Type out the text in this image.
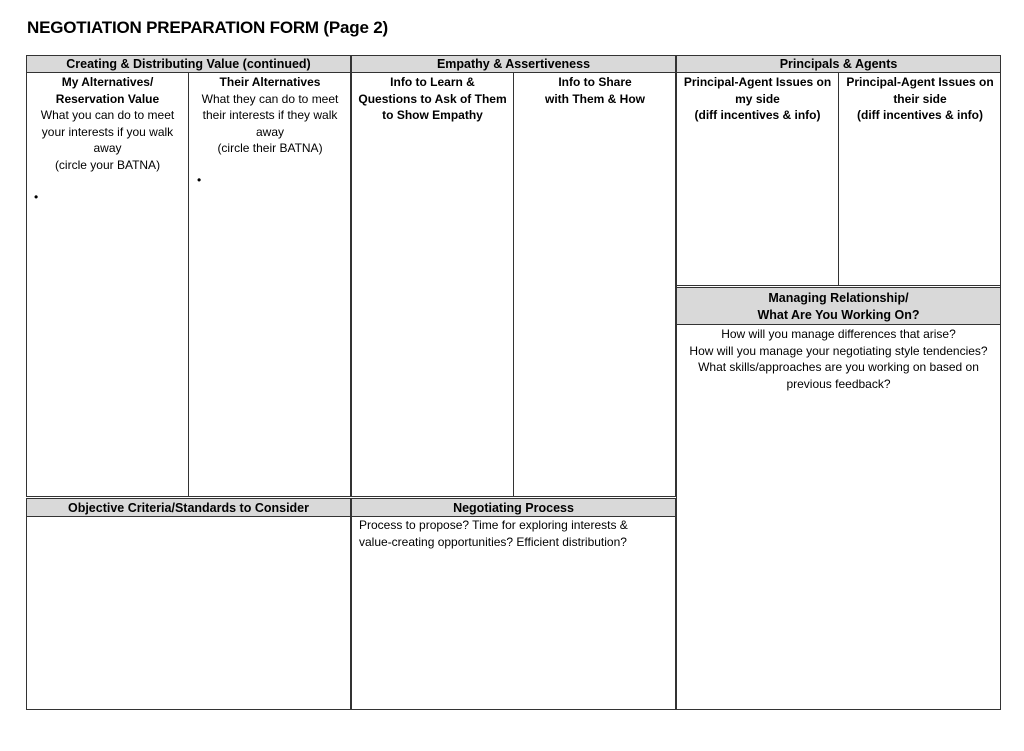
NEGOTIATION PREPARATION FORM (Page 2)
Creating & Distributing Value (continued)
My Alternatives/
Reservation Value
What you can do to meet
your interests if you walk
away
(circle your BATNA)
•
Their Alternatives
What they can do to meet
their interests if they walk
away
(circle their BATNA)
•
Empathy & Assertiveness
Info to Learn &
Questions to Ask of Them
to Show Empathy
Info to Share
with Them & How
Principals & Agents
Principal-Agent Issues on
my side
(diff incentives & info)
Principal-Agent Issues on
their side
(diff incentives & info)
Managing Relationship/
What Are You Working On?
How will you manage differences that arise?
How will you manage your negotiating style tendencies?
What skills/approaches are you working on based on
previous feedback?
Objective Criteria/Standards to Consider	Negotiating Process
Process to propose? Time for exploring interests &
value-creating opportunities? Efficient distribution?
